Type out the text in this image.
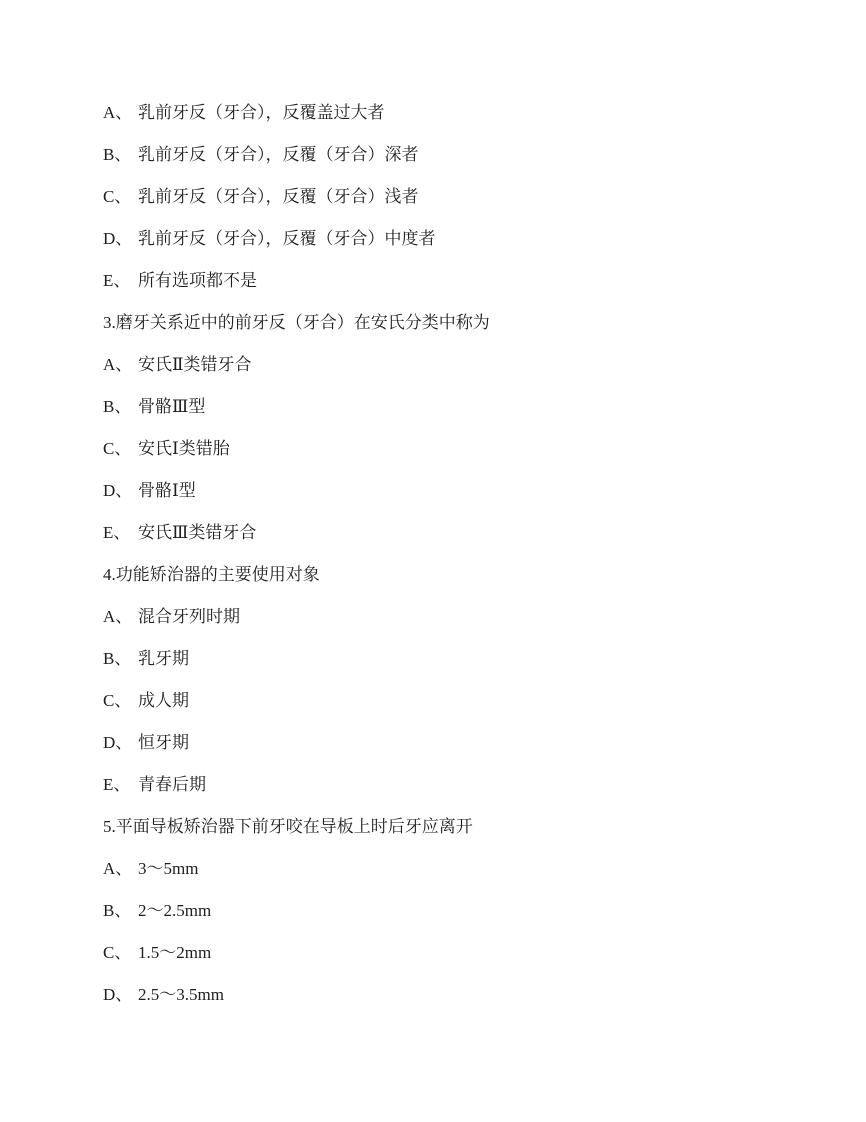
A、 乳前牙反（牙合），反覆盖过大者
B、 乳前牙反（牙合），反覆（牙合）深者
C、 乳前牙反（牙合），反覆（牙合）浅者
D、 乳前牙反（牙合），反覆（牙合）中度者
E、 所有选项都不是
3.磨牙关系近中的前牙反（牙合）在安氏分类中称为
A、 安氏Ⅱ类错牙合
B、 骨骼Ⅲ型
C、 安氏Ⅰ类错胎
D、 骨骼Ⅰ型
E、 安氏Ⅲ类错牙合
4.功能矫治器的主要使用对象
A、 混合牙列时期
B、 乳牙期
C、 成人期
D、 恒牙期
E、 青春后期
5.平面导板矫治器下前牙咬在导板上时后牙应离开
A、 3～5mm
B、 2～2.5mm
C、 1.5～2mm
D、 2.5～3.5mm
